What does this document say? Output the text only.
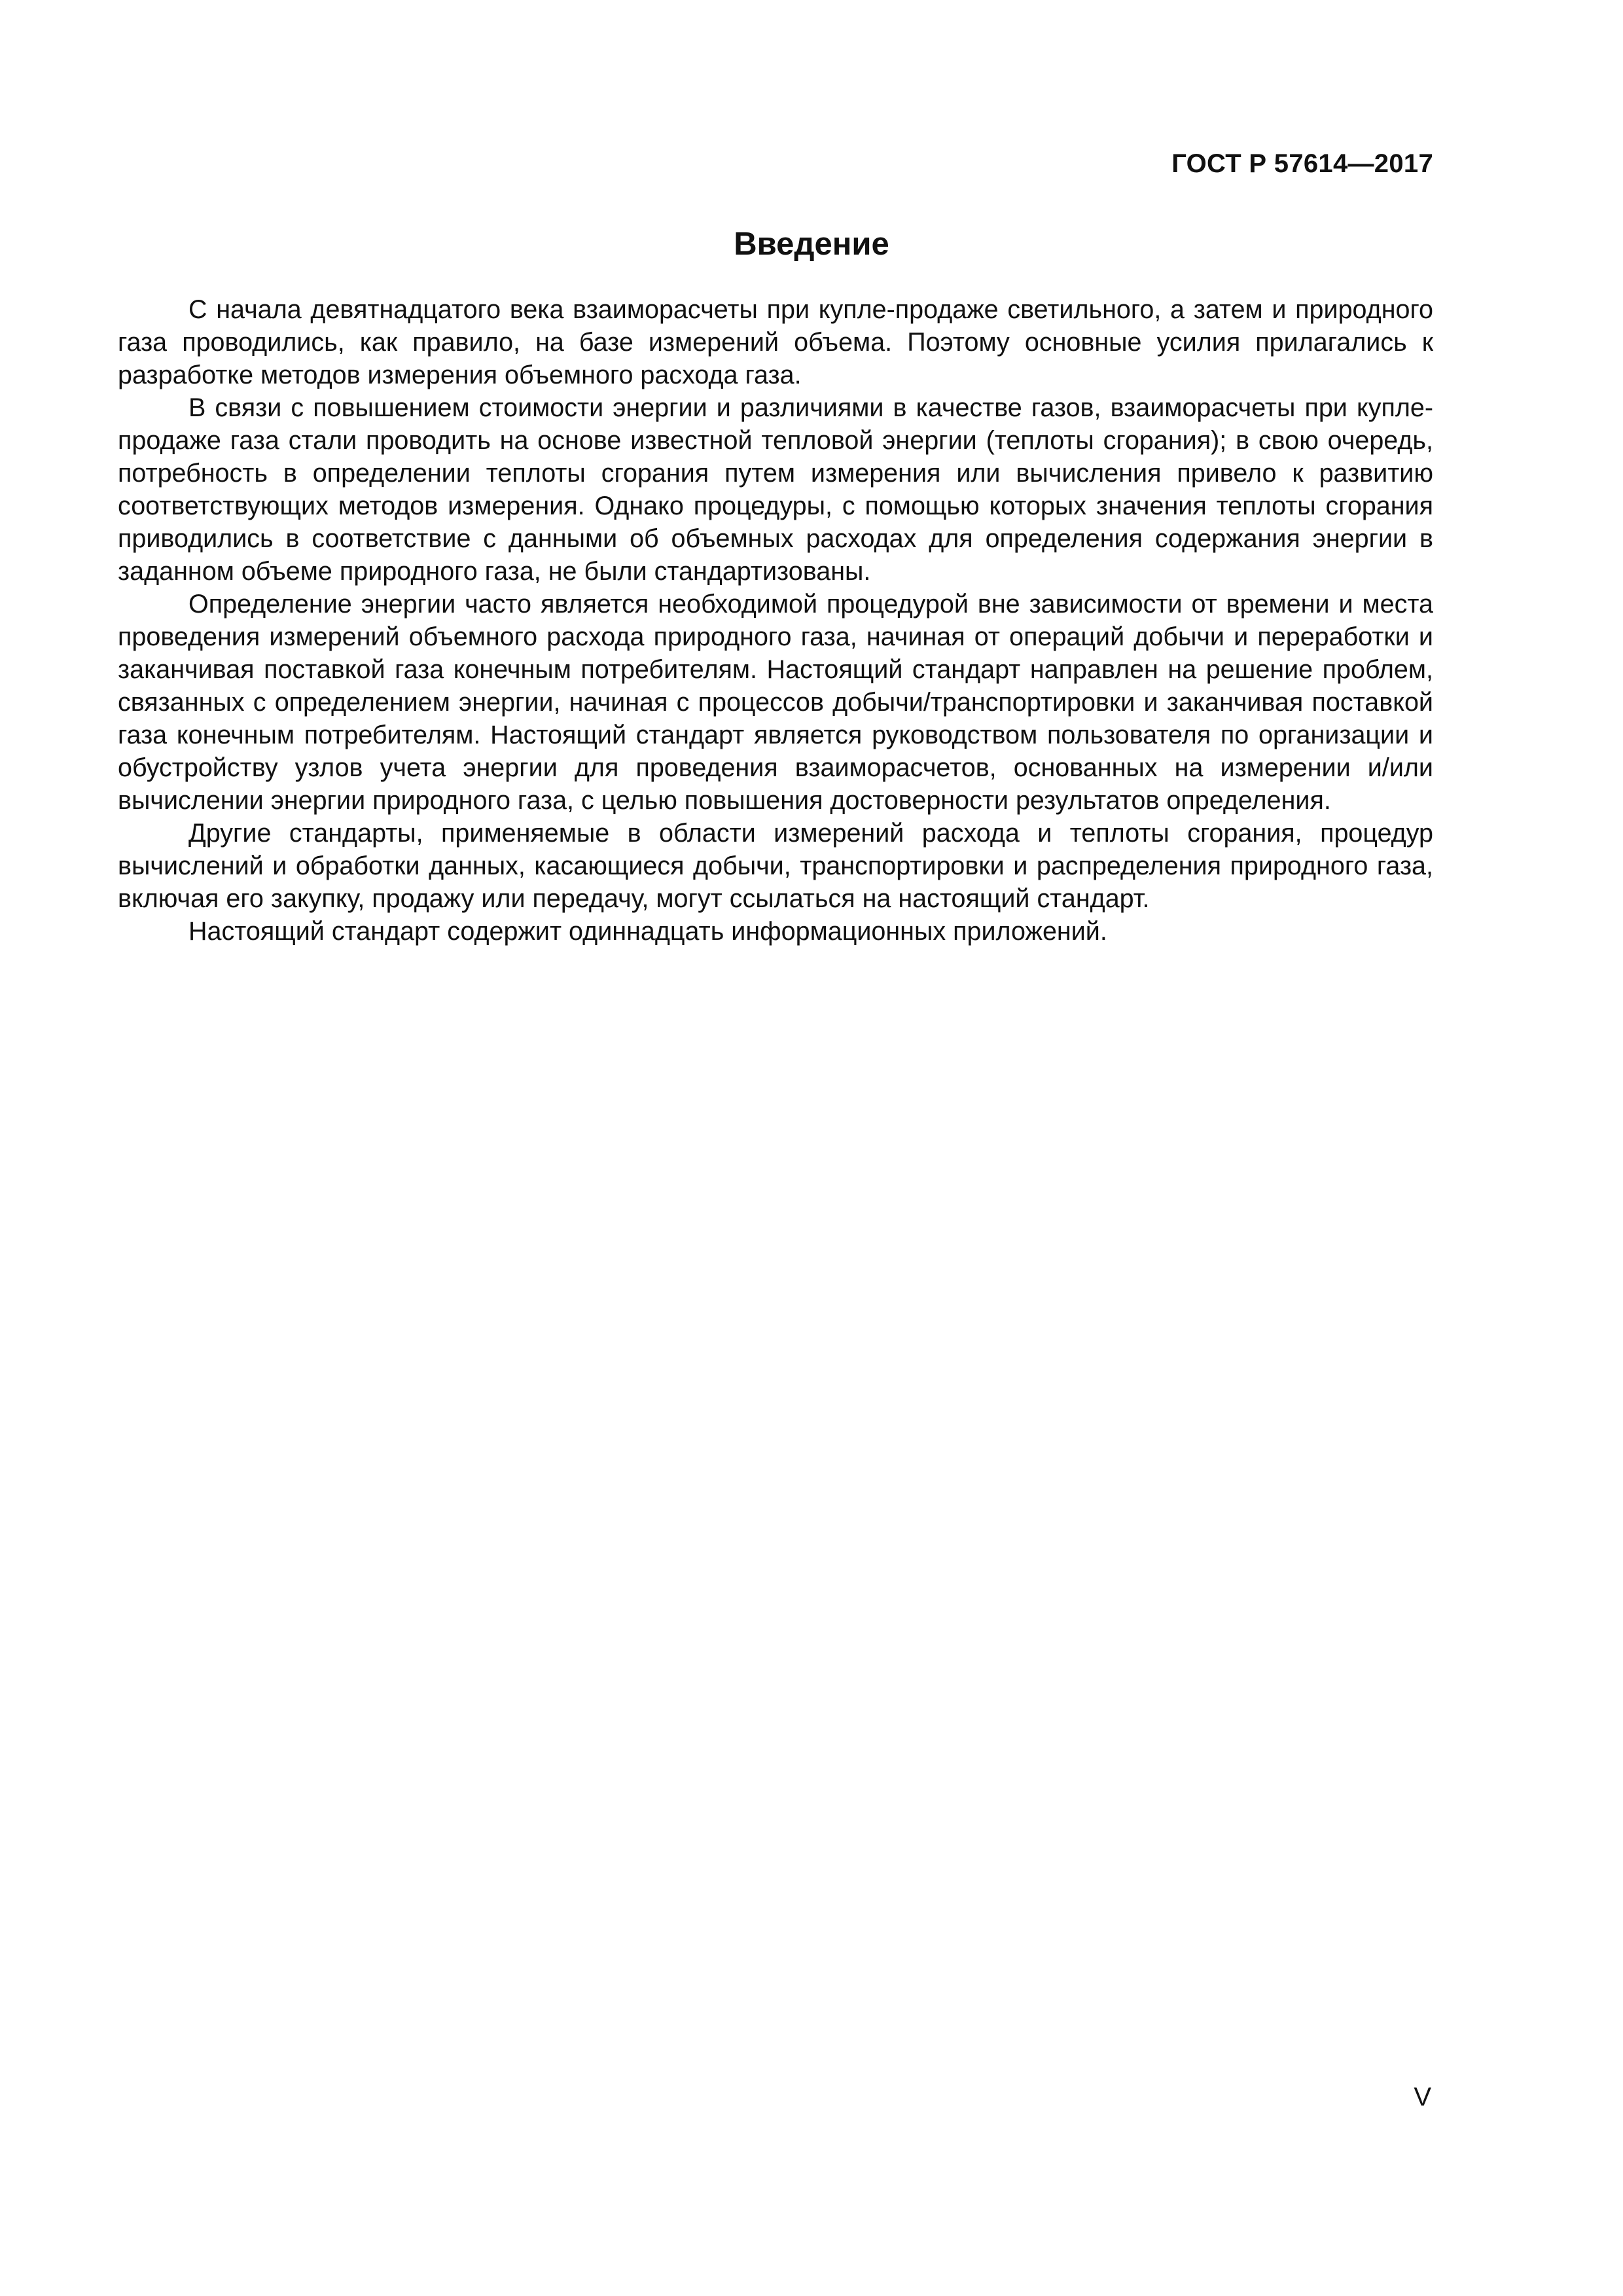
ГОСТ Р 57614—2017
Введение

С начала девятнадцатого века взаиморасчеты при купле-продаже светильного, а затем и природного газа проводились, как правило, на базе измерений объема. Поэтому основные усилия прилагались к разработке методов измерения объемного расхода газа.

В связи с повышением стоимости энергии и различиями в качестве газов, взаиморасчеты при купле-продаже газа стали проводить на основе известной тепловой энергии (теплоты сгорания); в свою очередь, потребность в определении теплоты сгорания путем измерения или вычисления привело к развитию соответствующих методов измерения. Однако процедуры, с помощью которых значения теплоты сгорания приводились в соответствие с данными об объемных расходах для определения содержания энергии в заданном объеме природного газа, не были стандартизованы.

Определение энергии часто является необходимой процедурой вне зависимости от времени и места проведения измерений объемного расхода природного газа, начиная от операций добычи и переработки и заканчивая поставкой газа конечным потребителям. Настоящий стандарт направлен на решение проблем, связанных с определением энергии, начиная с процессов добычи/транспортировки и заканчивая поставкой газа конечным потребителям. Настоящий стандарт является руководством пользователя по организации и обустройству узлов учета энергии для проведения взаиморасчетов, основанных на измерении и/или вычислении энергии природного газа, с целью повышения достоверности результатов определения.

Другие стандарты, применяемые в области измерений расхода и теплоты сгорания, процедур вычислений и обработки данных, касающиеся добычи, транспортировки и распределения природного газа, включая его закупку, продажу или передачу, могут ссылаться на настоящий стандарт.

Настоящий стандарт содержит одиннадцать информационных приложений.

V
